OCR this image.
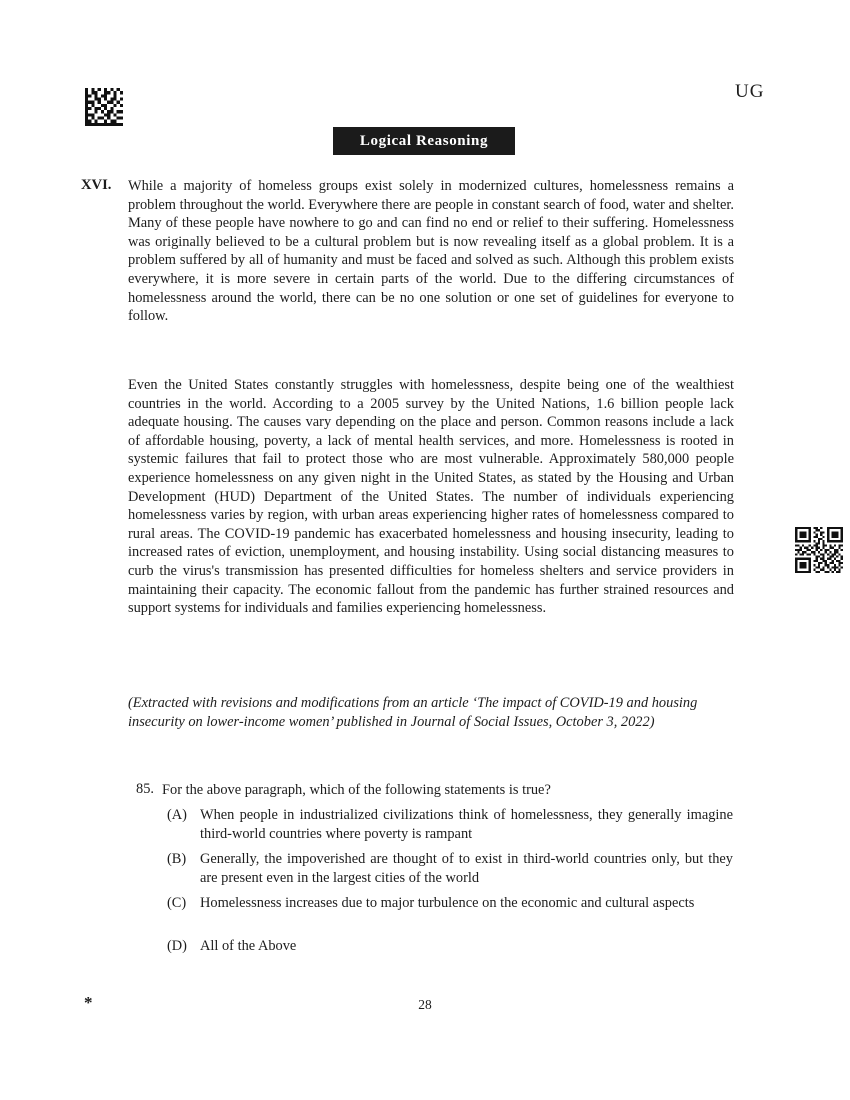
UG
Logical Reasoning
XVI. While a majority of homeless groups exist solely in modernized cultures, homelessness remains a problem throughout the world. Everywhere there are people in constant search of food, water and shelter. Many of these people have nowhere to go and can find no end or relief to their suffering. Homelessness was originally believed to be a cultural problem but is now revealing itself as a global problem. It is a problem suffered by all of humanity and must be faced and solved as such. Although this problem exists everywhere, it is more severe in certain parts of the world. Due to the differing circumstances of homelessness around the world, there can be no one solution or one set of guidelines for everyone to follow.
Even the United States constantly struggles with homelessness, despite being one of the wealthiest countries in the world. According to a 2005 survey by the United Nations, 1.6 billion people lack adequate housing. The causes vary depending on the place and person. Common reasons include a lack of affordable housing, poverty, a lack of mental health services, and more. Homelessness is rooted in systemic failures that fail to protect those who are most vulnerable. Approximately 580,000 people experience homelessness on any given night in the United States, as stated by the Housing and Urban Development (HUD) Department of the United States. The number of individuals experiencing homelessness varies by region, with urban areas experiencing higher rates of homelessness compared to rural areas. The COVID-19 pandemic has exacerbated homelessness and housing insecurity, leading to increased rates of eviction, unemployment, and housing instability. Using social distancing measures to curb the virus's transmission has presented difficulties for homeless shelters and service providers in maintaining their capacity. The economic fallout from the pandemic has further strained resources and support systems for individuals and families experiencing homelessness.
(Extracted with revisions and modifications from an article ‘The impact of COVID-19 and housing insecurity on lower-income women’ published in Journal of Social Issues, October 3, 2022)
85. For the above paragraph, which of the following statements is true?
(A) When people in industrialized civilizations think of homelessness, they generally imagine third-world countries where poverty is rampant
(B) Generally, the impoverished are thought of to exist in third-world countries only, but they are present even in the largest cities of the world
(C) Homelessness increases due to major turbulence on the economic and cultural aspects
(D) All of the Above
*	28
